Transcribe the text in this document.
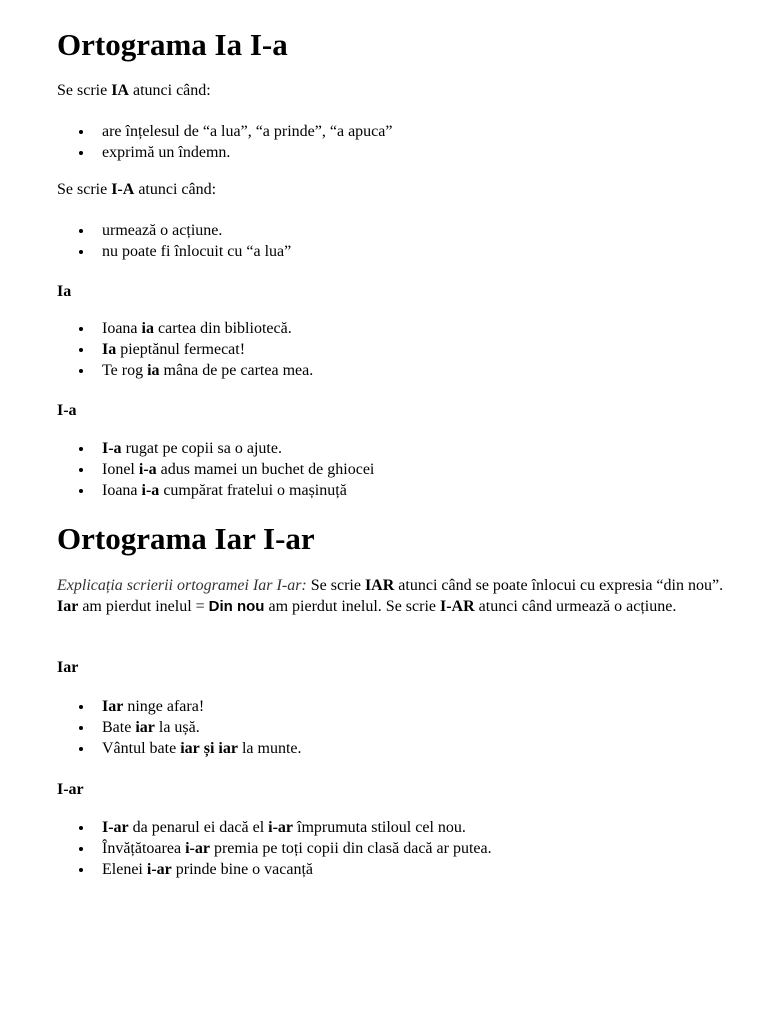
Ortograma Ia I-a

Se scrie IA atunci când:

are înțelesul de “a lua”, “a prinde”, “a apuca”
exprimă un îndemn.

Se scrie I-A atunci când:

urmează o acțiune.
nu poate fi înlocuit cu “a lua”

Ia

Ioana ia cartea din bibliotecă.
Ia pieptănul fermecat!
Te rog ia mâna de pe cartea mea.

I-a

I-a rugat pe copii sa o ajute.
Ionel i-a adus mamei un buchet de ghiocei
Ioana i-a cumpărat fratelui o mașinuță
Ortograma Iar I-ar

Explicația scrierii ortogramei Iar I-ar: Se scrie IAR atunci când se poate înlocui cu expresia “din nou”. Iar am pierdut inelul = Din nou am pierdut inelul. Se scrie I-AR atunci când urmează o acțiune.

Iar

Iar ninge afara!
Bate iar la ușă.
Vântul bate iar și iar la munte.

I-ar

I-ar da penarul ei dacă el i-ar împrumuta stiloul cel nou.
Învățătoarea i-ar premia pe toți copii din clasă dacă ar putea.
Elenei i-ar prinde bine o vacanță
